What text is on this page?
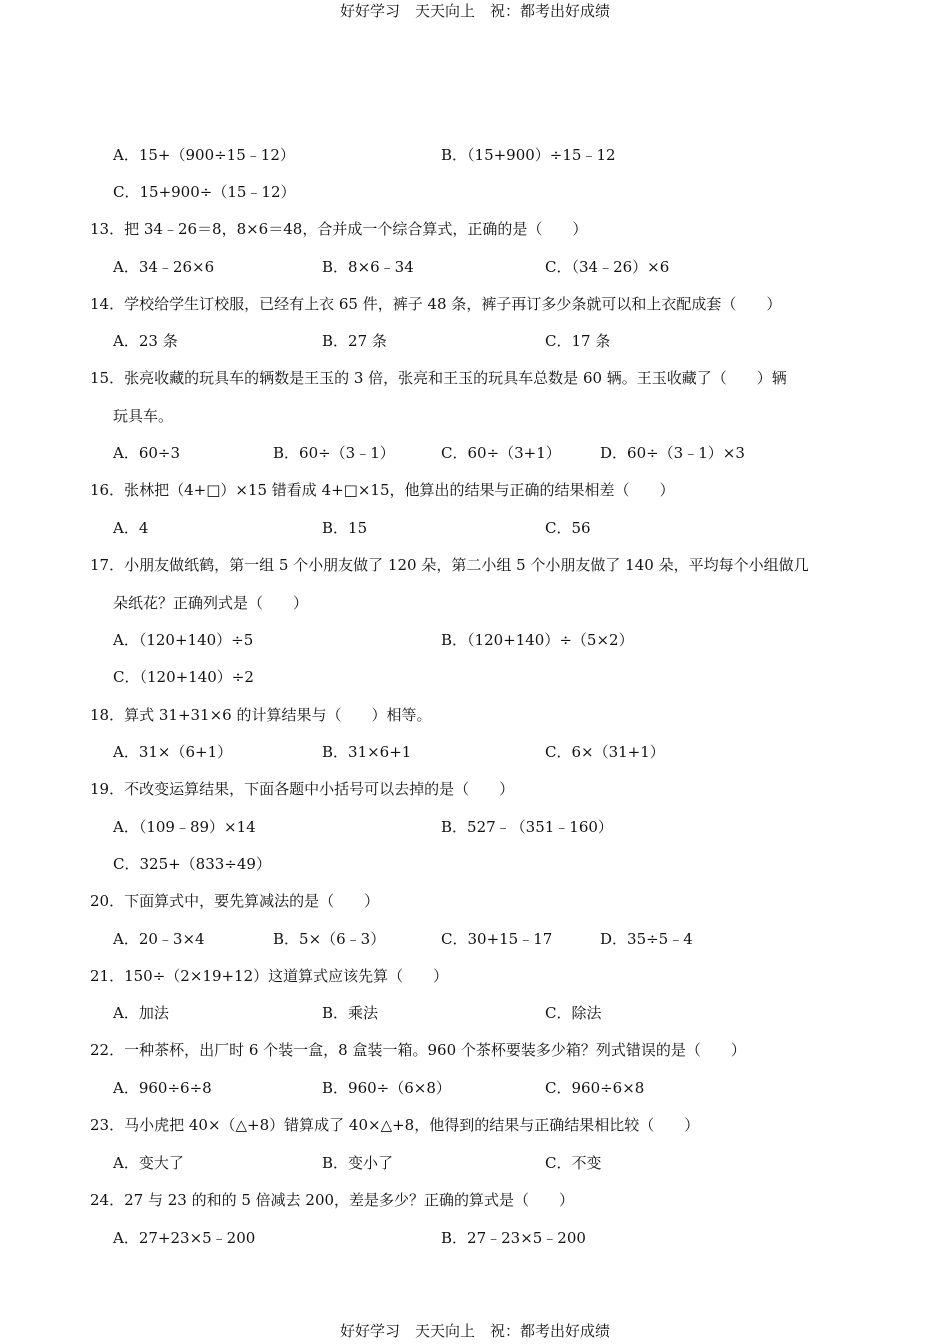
好好学习　天天向上　祝：都考出好成绩
A．15+（900÷15﹣12）	B．（15+900）÷15﹣12
C．15+900÷（15﹣12）
13．把 34﹣26＝8，8×6＝48，合并成一个综合算式，正确的是（　　）
A．34﹣26×6	B．8×6﹣34	C．（34﹣26）×6
14．学校给学生订校服，已经有上衣 65 件，裤子 48 条，裤子再订多少条就可以和上衣配成套（　　）
A．23 条	B．27 条	C．17 条
15．张亮收藏的玩具车的辆数是王玉的 3 倍，张亮和王玉的玩具车总数是 60 辆。王玉收藏了（　　）辆
玩具车。
A．60÷3	B．60÷（3﹣1）	C．60÷（3+1）	D．60÷（3﹣1）×3
16．张林把（4+□）×15 错看成 4+□×15，他算出的结果与正确的结果相差（　　）
A．4	B．15	C．56
17．小朋友做纸鹤，第一组 5 个小朋友做了 120 朵，第二小组 5 个小朋友做了 140 朵，平均每个小组做几
朵纸花？正确列式是（　　）
A．（120+140）÷5	B．（120+140）÷（5×2）
C．（120+140）÷2
18．算式 31+31×6 的计算结果与（　　）相等。
A．31×（6+1）	B．31×6+1	C．6×（31+1）
19．不改变运算结果，下面各题中小括号可以去掉的是（　　）
A．（109﹣89）×14	B．527﹣（351﹣160）
C．325+（833÷49）
20．下面算式中，要先算减法的是（　　）
A．20﹣3×4	B．5×（6﹣3）	C．30+15﹣17	D．35÷5﹣4
21．150÷（2×19+12）这道算式应该先算（　　）
A．加法	B．乘法	C．除法
22．一种茶杯，出厂时 6 个装一盒，8 盒装一箱。960 个茶杯要装多少箱？列式错误的是（　　）
A．960÷6÷8	B．960÷（6×8）	C．960÷6×8
23．马小虎把 40×（△+8）错算成了 40×△+8，他得到的结果与正确结果相比较（　　）
A．变大了	B．变小了	C．不变
24．27 与 23 的和的 5 倍减去 200，差是多少？正确的算式是（　　）
A．27+23×5﹣200	B．27﹣23×5﹣200
好好学习　天天向上　祝：都考出好成绩
